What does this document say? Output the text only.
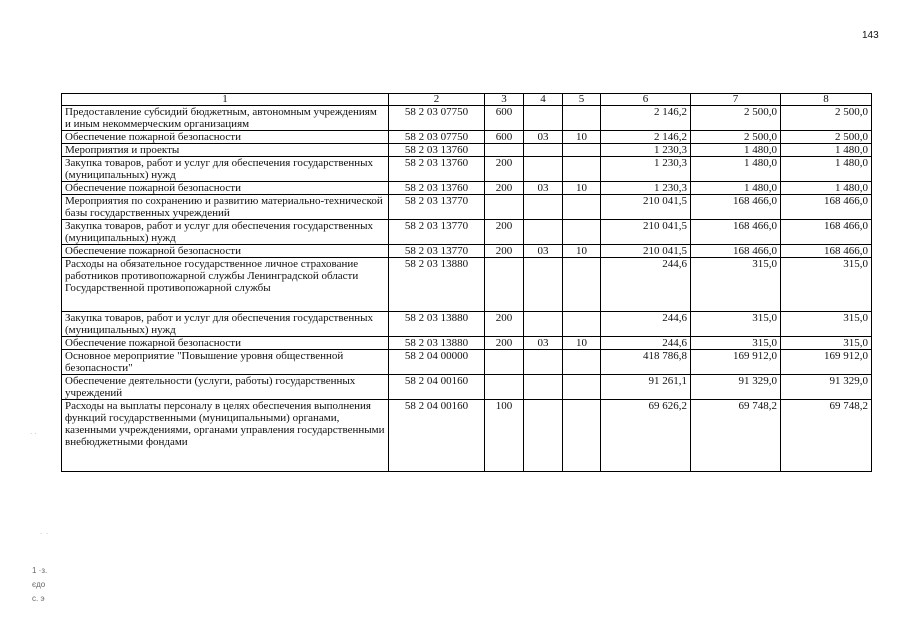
143
1	2	3	4	5	6	7	8
Предоставление субсидий бюджетным, автономным учреждениям и иным некоммерческим организациям	58 2 03 07750	600			2 146,2	2 500,0	2 500,0
Обеспечение пожарной безопасности	58 2 03 07750	600	03	10	2 146,2	2 500,0	2 500,0
Мероприятия и проекты	58 2 03 13760				1 230,3	1 480,0	1 480,0
Закупка товаров, работ и услуг для обеспечения государственных (муниципальных) нужд	58 2 03 13760	200			1 230,3	1 480,0	1 480,0
Обеспечение пожарной безопасности	58 2 03 13760	200	03	10	1 230,3	1 480,0	1 480,0
Мероприятия по сохранению и развитию материально-технической базы государственных учреждений	58 2 03 13770				210 041,5	168 466,0	168 466,0
Закупка товаров, работ и услуг для обеспечения государственных (муниципальных) нужд	58 2 03 13770	200			210 041,5	168 466,0	168 466,0
Обеспечение пожарной безопасности	58 2 03 13770	200	03	10	210 041,5	168 466,0	168 466,0
Расходы на обязательное государственное личное страхование работников противопожарной службы Ленинградской области Государственной противопожарной службы	58 2 03 13880				244,6	315,0	315,0
Закупка товаров, работ и услуг для обеспечения государственных (муниципальных) нужд	58 2 03 13880	200			244,6	315,0	315,0
Обеспечение пожарной безопасности	58 2 03 13880	200	03	10	244,6	315,0	315,0
Основное мероприятие "Повышение уровня общественной безопасности"	58 2 04 00000				418 786,8	169 912,0	169 912,0
Обеспечение деятельности (услуги, работы) государственных учреждений	58 2 04 00160				91 261,1	91 329,0	91 329,0
Расходы на выплаты персоналу в целях обеспечения выполнения функций государственными (муниципальными) органами, казенными учреждениями, органами управления государственными внебюджетными фондами	58 2 04 00160	100			69 626,2	69 748,2	69 748,2
1 ·з.
єдо
с. э
· ·
·  ·
